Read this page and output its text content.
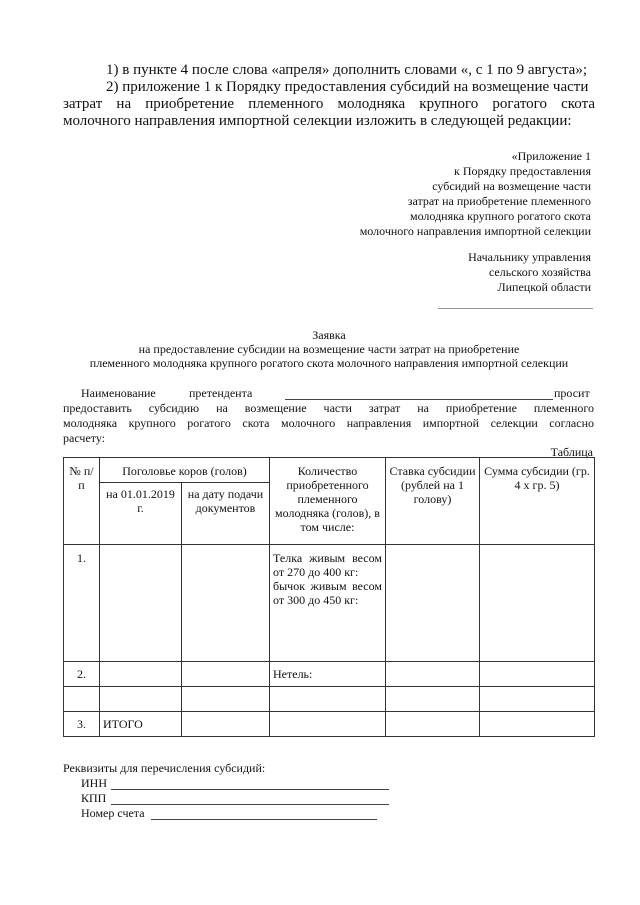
1) в пункте 4 после слова «апреля» дополнить словами «, с 1 по 9 августа»;
2) приложение 1 к Порядку предоставления субсидий на возмещение части
затрат на приобретение племенного молодняка крупного рогатого скота
молочного направления импортной селекции изложить в следующей редакции:
«Приложение 1
к Порядку предоставления
субсидий на возмещение части
затрат на приобретение племенного
молодняка крупного рогатого скота
молочного направления импортной селекции
Начальнику управления
сельского хозяйства
Липецкой области
Заявка
на предоставление субсидии на возмещение части затрат на приобретение
племенного молодняка крупного рогатого скота молочного направления импортной селекции
Наименование	претендента	просит
предоставить субсидию на возмещение части затрат на приобретение племенного
молодняка крупного рогатого скота молочного направления импортной селекции согласно
расчету:
Таблица
№ п/п	Поголовье коров (голов)		Количество приобретенного племенного молодняка (голов), в том числе:	Ставка субсидии (рублей на 1 голову)	Сумма субсидии (гр. 4 х гр. 5)
	на 01.01.2019 г.	на дату подачи документов			
1.			Телка живым весом от 270 до 400 кг:
бычок живым весом от 300 до 450 кг:		

2.			Нетель:		

3.	ИТОГО				
Реквизиты для перечисления субсидий:
ИНН
КПП
Номер счета
